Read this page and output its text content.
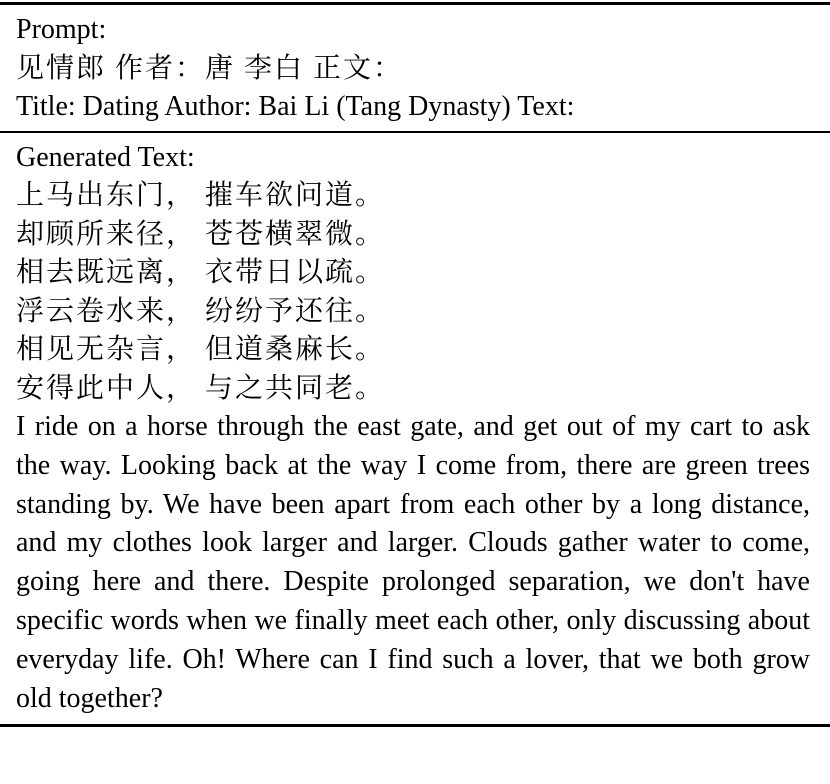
Prompt:
见情郎 作者：唐 李白 正文：
Title: Dating Author: Bai Li (Tang Dynasty) Text:
Generated Text:
上马出东门， 摧车欲问道。
却顾所来径， 苍苍横翠微。
相去既远离， 衣带日以疏。
浮云卷水来， 纷纷予还往。
相见无杂言， 但道桑麻长。
安得此中人， 与之共同老。
I ride on a horse through the east gate, and get out of my cart to ask the way. Looking back at the way I come from, there are green trees standing by. We have been apart from each other by a long distance, and my clothes look larger and larger. Clouds gather water to come, going here and there. Despite prolonged separation, we don't have specific words when we finally meet each other, only discussing about everyday life. Oh! Where can I find such a lover, that we both grow old together?
